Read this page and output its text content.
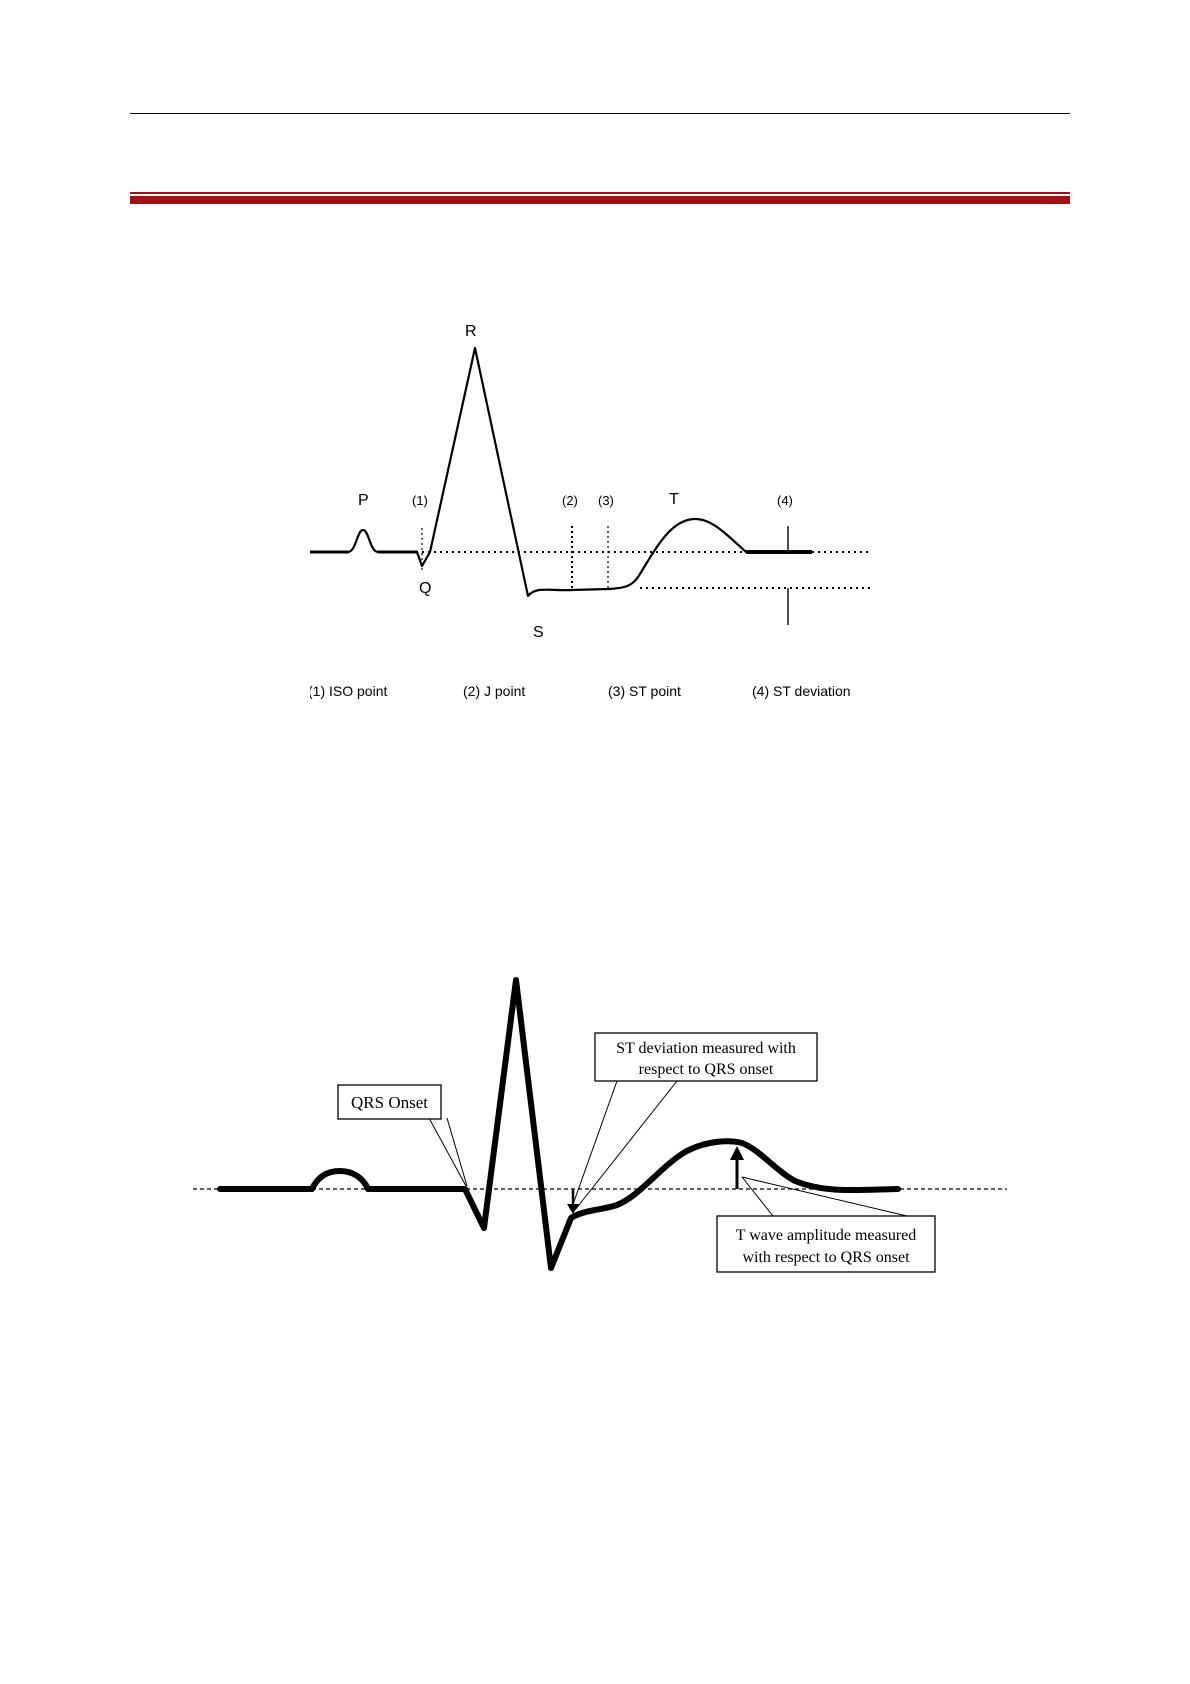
P
R
Q
S
T
(1)	(2) (3)	(4)
(1) ISO point	(2) J point	(3) ST point	(4) ST deviation
QRS Onset
ST deviation measured with
respect to QRS onset
T wave amplitude measured
with respect to QRS onset
